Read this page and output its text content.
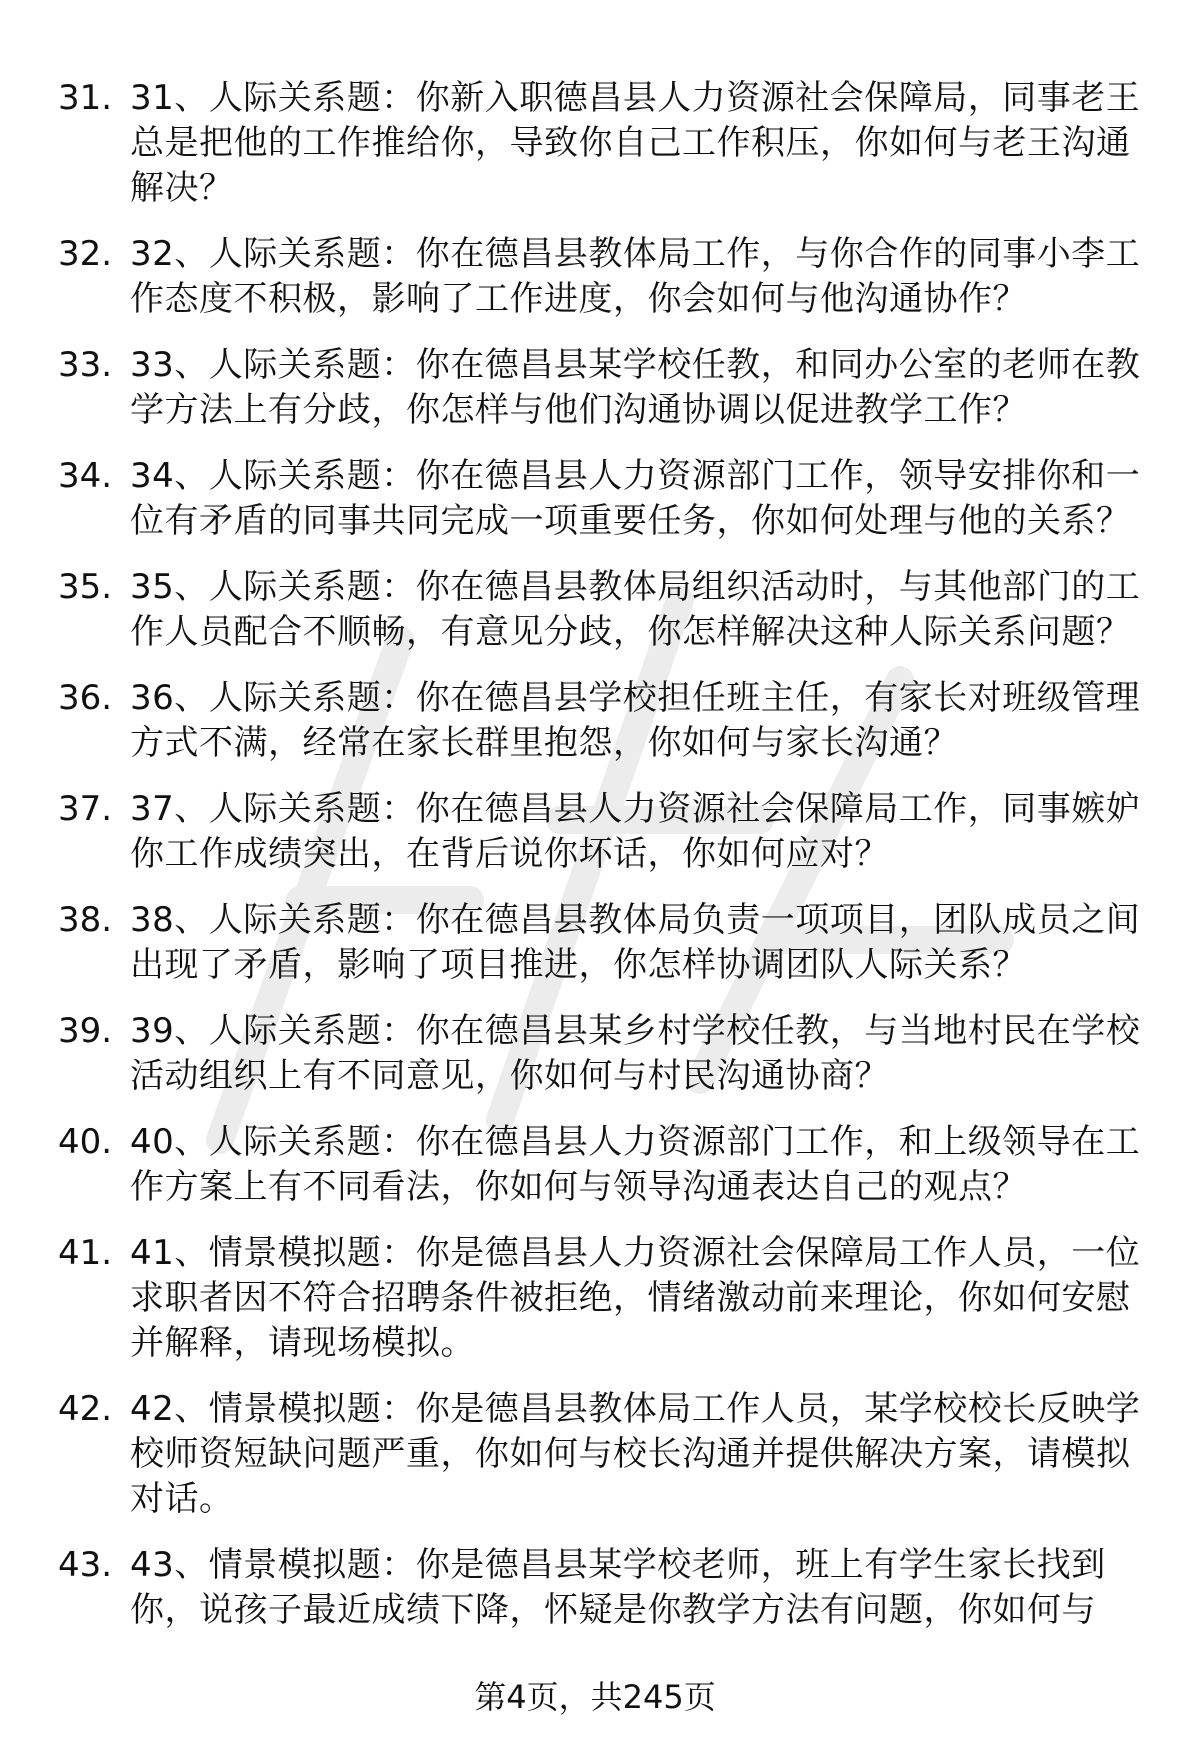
31. 31、人际关系题：你新入职德昌县人力资源社会保障局，同事老王总是把他的工作推给你，导致你自己工作积压，你如何与老王沟通解决？
32. 32、人际关系题：你在德昌县教体局工作，与你合作的同事小李工作态度不积极，影响了工作进度，你会如何与他沟通协作？
33. 33、人际关系题：你在德昌县某学校任教，和同办公室的老师在教学方法上有分歧，你怎样与他们沟通协调以促进教学工作？
34. 34、人际关系题：你在德昌县人力资源部门工作，领导安排你和一位有矛盾的同事共同完成一项重要任务，你如何处理与他的关系？
35. 35、人际关系题：你在德昌县教体局组织活动时，与其他部门的工作人员配合不顺畅，有意见分歧，你怎样解决这种人际关系问题？
36. 36、人际关系题：你在德昌县学校担任班主任，有家长对班级管理方式不满，经常在家长群里抱怨，你如何与家长沟通？
37. 37、人际关系题：你在德昌县人力资源社会保障局工作，同事嫉妒你工作成绩突出，在背后说你坏话，你如何应对？
38. 38、人际关系题：你在德昌县教体局负责一项项目，团队成员之间出现了矛盾，影响了项目推进，你怎样协调团队人际关系？
39. 39、人际关系题：你在德昌县某乡村学校任教，与当地村民在学校活动组织上有不同意见，你如何与村民沟通协商？
40. 40、人际关系题：你在德昌县人力资源部门工作，和上级领导在工作方案上有不同看法，你如何与领导沟通表达自己的观点？
41. 41、情景模拟题：你是德昌县人力资源社会保障局工作人员，一位求职者因不符合招聘条件被拒绝，情绪激动前来理论，你如何安慰并解释，请现场模拟。
42. 42、情景模拟题：你是德昌县教体局工作人员，某学校校长反映学校师资短缺问题严重，你如何与校长沟通并提供解决方案，请模拟对话。
43. 43、情景模拟题：你是德昌县某学校老师，班上有学生家长找到你，说孩子最近成绩下降，怀疑是你教学方法有问题，你如何与
第4页，共245页
